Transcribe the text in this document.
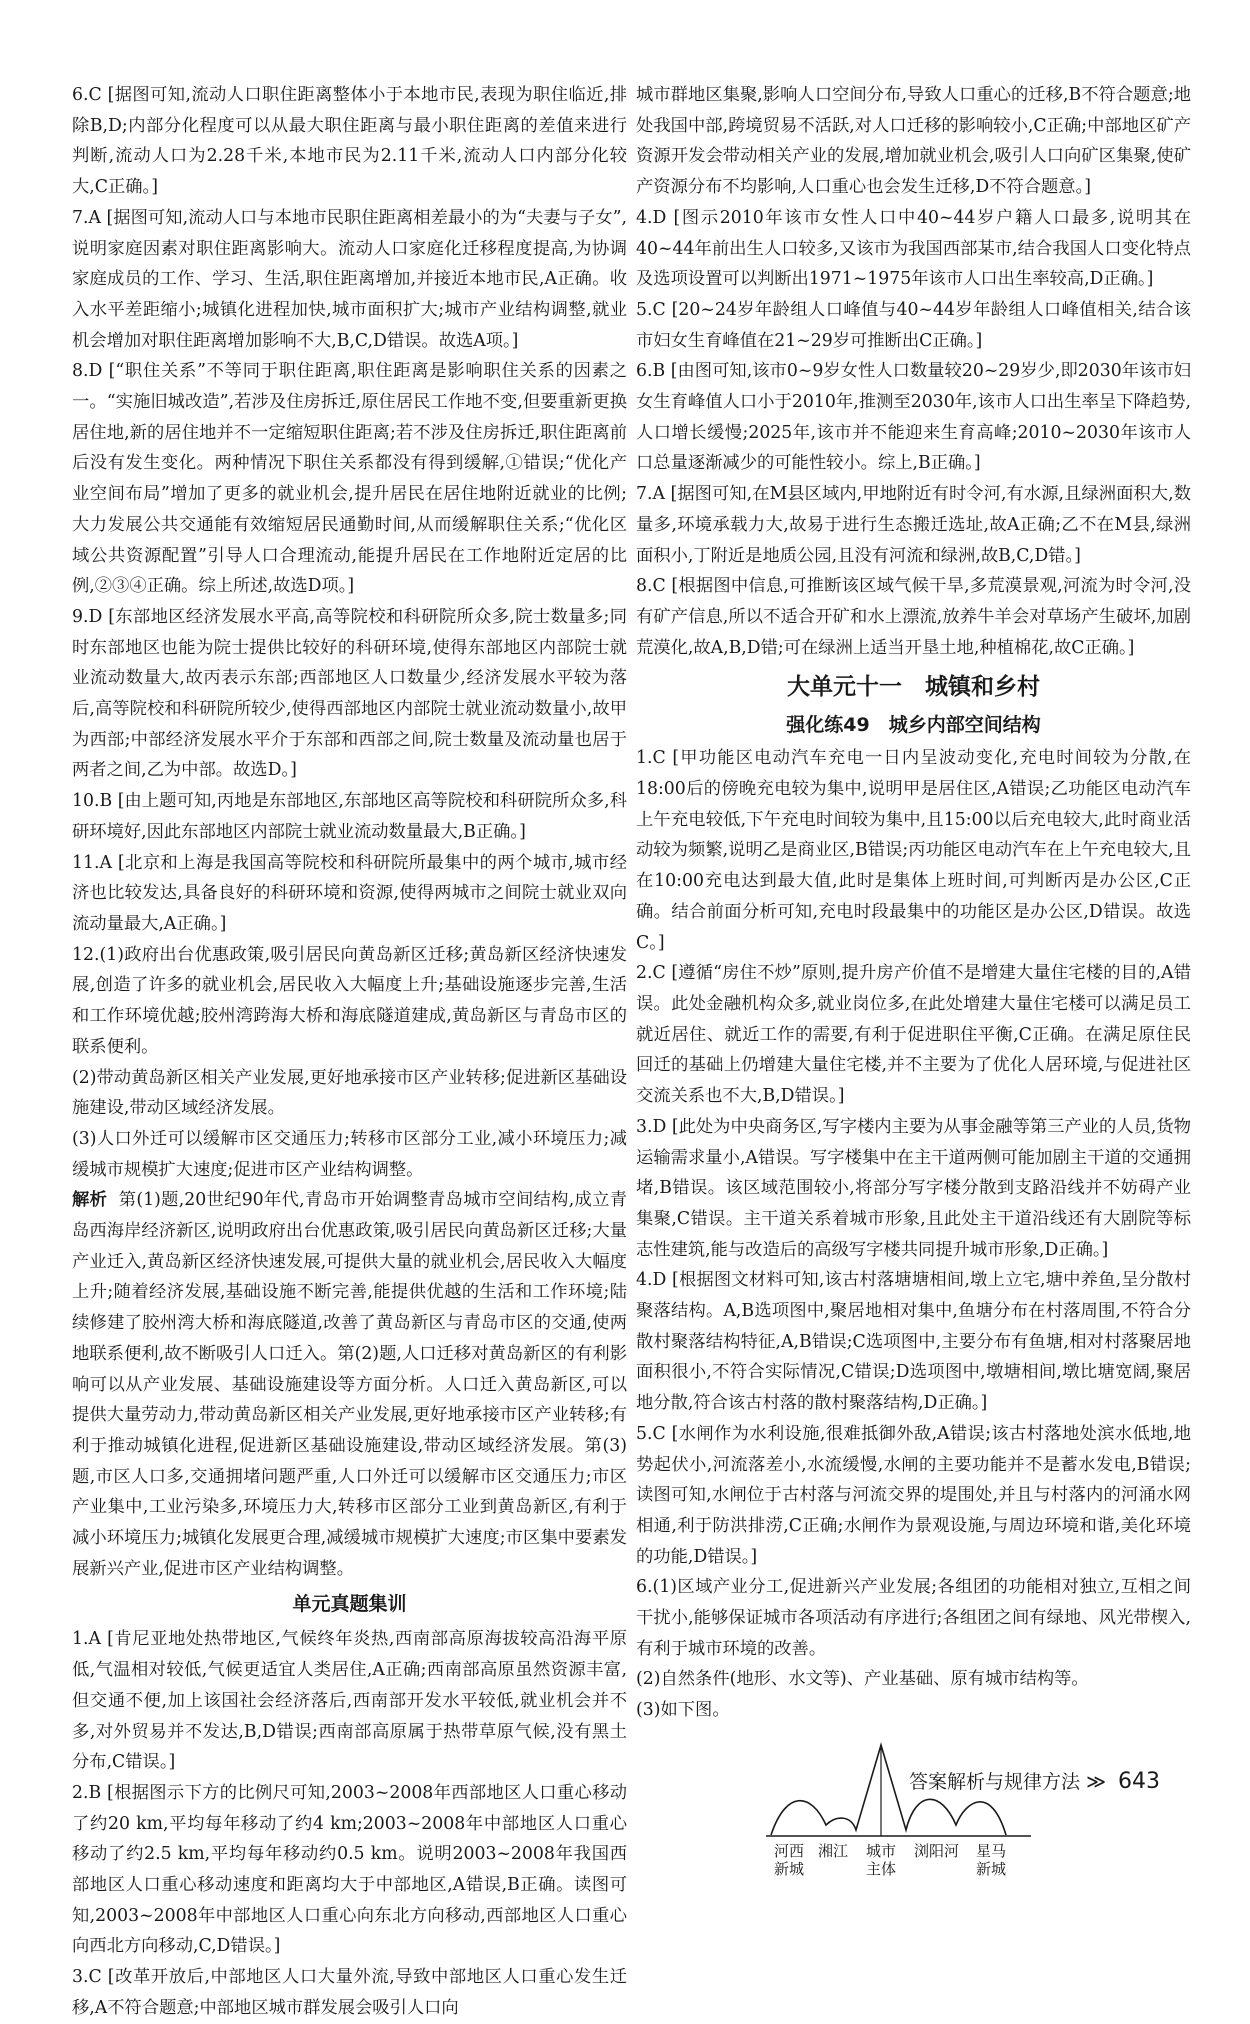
6.C [据图可知,流动人口职住距离整体小于本地市民,表现为职住临近,排除B,D;内部分化程度可以从最大职住距离与最小职住距离的差值来进行判断,流动人口为2.28千米,本地市民为2.11千米,流动人口内部分化较大,C正确。]

7.A [据图可知,流动人口与本地市民职住距离相差最小的为“夫妻与子女”,说明家庭因素对职住距离影响大。流动人口家庭化迁移程度提高,为协调家庭成员的工作、学习、生活,职住距离增加,并接近本地市民,A正确。收入水平差距缩小;城镇化进程加快,城市面积扩大;城市产业结构调整,就业机会增加对职住距离增加影响不大,B,C,D错误。故选A项。]

8.D [“职住关系”不等同于职住距离,职住距离是影响职住关系的因素之一。“实施旧城改造”,若涉及住房拆迁,原住居民工作地不变,但要重新更换居住地,新的居住地并不一定缩短职住距离;若不涉及住房拆迁,职住距离前后没有发生变化。两种情况下职住关系都没有得到缓解,①错误;“优化产业空间布局”增加了更多的就业机会,提升居民在居住地附近就业的比例;大力发展公共交通能有效缩短居民通勤时间,从而缓解职住关系;“优化区域公共资源配置”引导人口合理流动,能提升居民在工作地附近定居的比例,②③④正确。综上所述,故选D项。]

9.D [东部地区经济发展水平高,高等院校和科研院所众多,院士数量多;同时东部地区也能为院士提供比较好的科研环境,使得东部地区内部院士就业流动数量大,故丙表示东部;西部地区人口数量少,经济发展水平较为落后,高等院校和科研院所较少,使得西部地区内部院士就业流动数量小,故甲为西部;中部经济发展水平介于东部和西部之间,院士数量及流动量也居于两者之间,乙为中部。故选D。]

10.B [由上题可知,丙地是东部地区,东部地区高等院校和科研院所众多,科研环境好,因此东部地区内部院士就业流动数量最大,B正确。]

11.A [北京和上海是我国高等院校和科研院所最集中的两个城市,城市经济也比较发达,具备良好的科研环境和资源,使得两城市之间院士就业双向流动量最大,A正确。]

12.(1)政府出台优惠政策,吸引居民向黄岛新区迁移;黄岛新区经济快速发展,创造了许多的就业机会,居民收入大幅度上升;基础设施逐步完善,生活和工作环境优越;胶州湾跨海大桥和海底隧道建成,黄岛新区与青岛市区的联系便利。

(2)带动黄岛新区相关产业发展,更好地承接市区产业转移;促进新区基础设施建设,带动区域经济发展。

(3)人口外迁可以缓解市区交通压力;转移市区部分工业,减小环境压力;减缓城市规模扩大速度;促进市区产业结构调整。

解析 第(1)题,20世纪90年代,青岛市开始调整青岛城市空间结构,成立青岛西海岸经济新区,说明政府出台优惠政策,吸引居民向黄岛新区迁移;大量产业迁入,黄岛新区经济快速发展,可提供大量的就业机会,居民收入大幅度上升;随着经济发展,基础设施不断完善,能提供优越的生活和工作环境;陆续修建了胶州湾大桥和海底隧道,改善了黄岛新区与青岛市区的交通,使两地联系便利,故不断吸引人口迁入。第(2)题,人口迁移对黄岛新区的有利影响可以从产业发展、基础设施建设等方面分析。人口迁入黄岛新区,可以提供大量劳动力,带动黄岛新区相关产业发展,更好地承接市区产业转移;有利于推动城镇化进程,促进新区基础设施建设,带动区域经济发展。第(3)题,市区人口多,交通拥堵问题严重,人口外迁可以缓解市区交通压力;市区产业集中,工业污染多,环境压力大,转移市区部分工业到黄岛新区,有利于减小环境压力;城镇化发展更合理,减缓城市规模扩大速度;市区集中要素发展新兴产业,促进市区产业结构调整。

单元真题集训

1.A [肯尼亚地处热带地区,气候终年炎热,西南部高原海拔较高沿海平原低,气温相对较低,气候更适宜人类居住,A正确;西南部高原虽然资源丰富,但交通不便,加上该国社会经济落后,西南部开发水平较低,就业机会并不多,对外贸易并不发达,B,D错误;西南部高原属于热带草原气候,没有黑土分布,C错误。]

2.B [根据图示下方的比例尺可知,2003~2008年西部地区人口重心移动了约20 km,平均每年移动了约4 km;2003~2008年中部地区人口重心移动了约2.5 km,平均每年移动约0.5 km。说明2003~2008年我国西部地区人口重心移动速度和距离均大于中部地区,A错误,B正确。读图可知,2003~2008年中部地区人口重心向东北方向移动,西部地区人口重心向西北方向移动,C,D错误。]

3.C [改革开放后,中部地区人口大量外流,导致中部地区人口重心发生迁移,A不符合题意;中部地区城市群发展会吸引人口向

城市群地区集聚,影响人口空间分布,导致人口重心的迁移,B不符合题意;地处我国中部,跨境贸易不活跃,对人口迁移的影响较小,C正确;中部地区矿产资源开发会带动相关产业的发展,增加就业机会,吸引人口向矿区集聚,使矿产资源分布不均影响,人口重心也会发生迁移,D不符合题意。]

4.D [图示2010年该市女性人口中40~44岁户籍人口最多,说明其在40~44年前出生人口较多,又该市为我国西部某市,结合我国人口变化特点及选项设置可以判断出1971~1975年该市人口出生率较高,D正确。]

5.C [20~24岁年龄组人口峰值与40~44岁年龄组人口峰值相关,结合该市妇女生育峰值在21~29岁可推断出C正确。]

6.B [由图可知,该市0~9岁女性人口数量较20~29岁少,即2030年该市妇女生育峰值人口小于2010年,推测至2030年,该市人口出生率呈下降趋势,人口增长缓慢;2025年,该市并不能迎来生育高峰;2010~2030年该市人口总量逐渐减少的可能性较小。综上,B正确。]

7.A [据图可知,在M县区域内,甲地附近有时令河,有水源,且绿洲面积大,数量多,环境承载力大,故易于进行生态搬迁选址,故A正确;乙不在M县,绿洲面积小,丁附近是地质公园,且没有河流和绿洲,故B,C,D错。]

8.C [根据图中信息,可推断该区域气候干旱,多荒漠景观,河流为时令河,没有矿产信息,所以不适合开矿和水上漂流,放养牛羊会对草场产生破坏,加剧荒漠化,故A,B,D错;可在绿洲上适当开垦土地,种植棉花,故C正确。]

大单元十一　城镇和乡村

强化练49　城乡内部空间结构

1.C [甲功能区电动汽车充电一日内呈波动变化,充电时间较为分散,在18:00后的傍晚充电较为集中,说明甲是居住区,A错误;乙功能区电动汽车上午充电较低,下午充电时间较为集中,且15:00以后充电较大,此时商业活动较为频繁,说明乙是商业区,B错误;丙功能区电动汽车在上午充电较大,且在10:00充电达到最大值,此时是集体上班时间,可判断丙是办公区,C正确。结合前面分析可知,充电时段最集中的功能区是办公区,D错误。故选C。]

2.C [遵循“房住不炒”原则,提升房产价值不是增建大量住宅楼的目的,A错误。此处金融机构众多,就业岗位多,在此处增建大量住宅楼可以满足员工就近居住、就近工作的需要,有利于促进职住平衡,C正确。在满足原住民回迁的基础上仍增建大量住宅楼,并不主要为了优化人居环境,与促进社区交流关系也不大,B,D错误。]

3.D [此处为中央商务区,写字楼内主要为从事金融等第三产业的人员,货物运输需求量小,A错误。写字楼集中在主干道两侧可能加剧主干道的交通拥堵,B错误。该区域范围较小,将部分写字楼分散到支路沿线并不妨碍产业集聚,C错误。主干道关系着城市形象,且此处主干道沿线还有大剧院等标志性建筑,能与改造后的高级写字楼共同提升城市形象,D正确。]

4.D [根据图文材料可知,该古村落塘塘相间,墩上立宅,塘中养鱼,呈分散村聚落结构。A,B选项图中,聚居地相对集中,鱼塘分布在村落周围,不符合分散村聚落结构特征,A,B错误;C选项图中,主要分布有鱼塘,相对村落聚居地面积很小,不符合实际情况,C错误;D选项图中,墩塘相间,墩比塘宽阔,聚居地分散,符合该古村落的散村聚落结构,D正确。]

5.C [水闸作为水利设施,很难抵御外敌,A错误;该古村落地处滨水低地,地势起伏小,河流落差小,水流缓慢,水闸的主要功能并不是蓄水发电,B错误;读图可知,水闸位于古村落与河流交界的堤围处,并且与村落内的河涌水网相通,利于防洪排涝,C正确;水闸作为景观设施,与周边环境和谐,美化环境的功能,D错误。]

6.(1)区域产业分工,促进新兴产业发展;各组团的功能相对独立,互相之间干扰小,能够保证城市各项活动有序进行;各组团之间有绿地、风光带楔入,有利于城市环境的改善。

(2)自然条件(地形、水文等)、产业基础、原有城市结构等。

(3)如下图。

河西
新城
湘江 城市
主体
浏阳河 星马
新城
答案解析与规律方法 ≫ 643
